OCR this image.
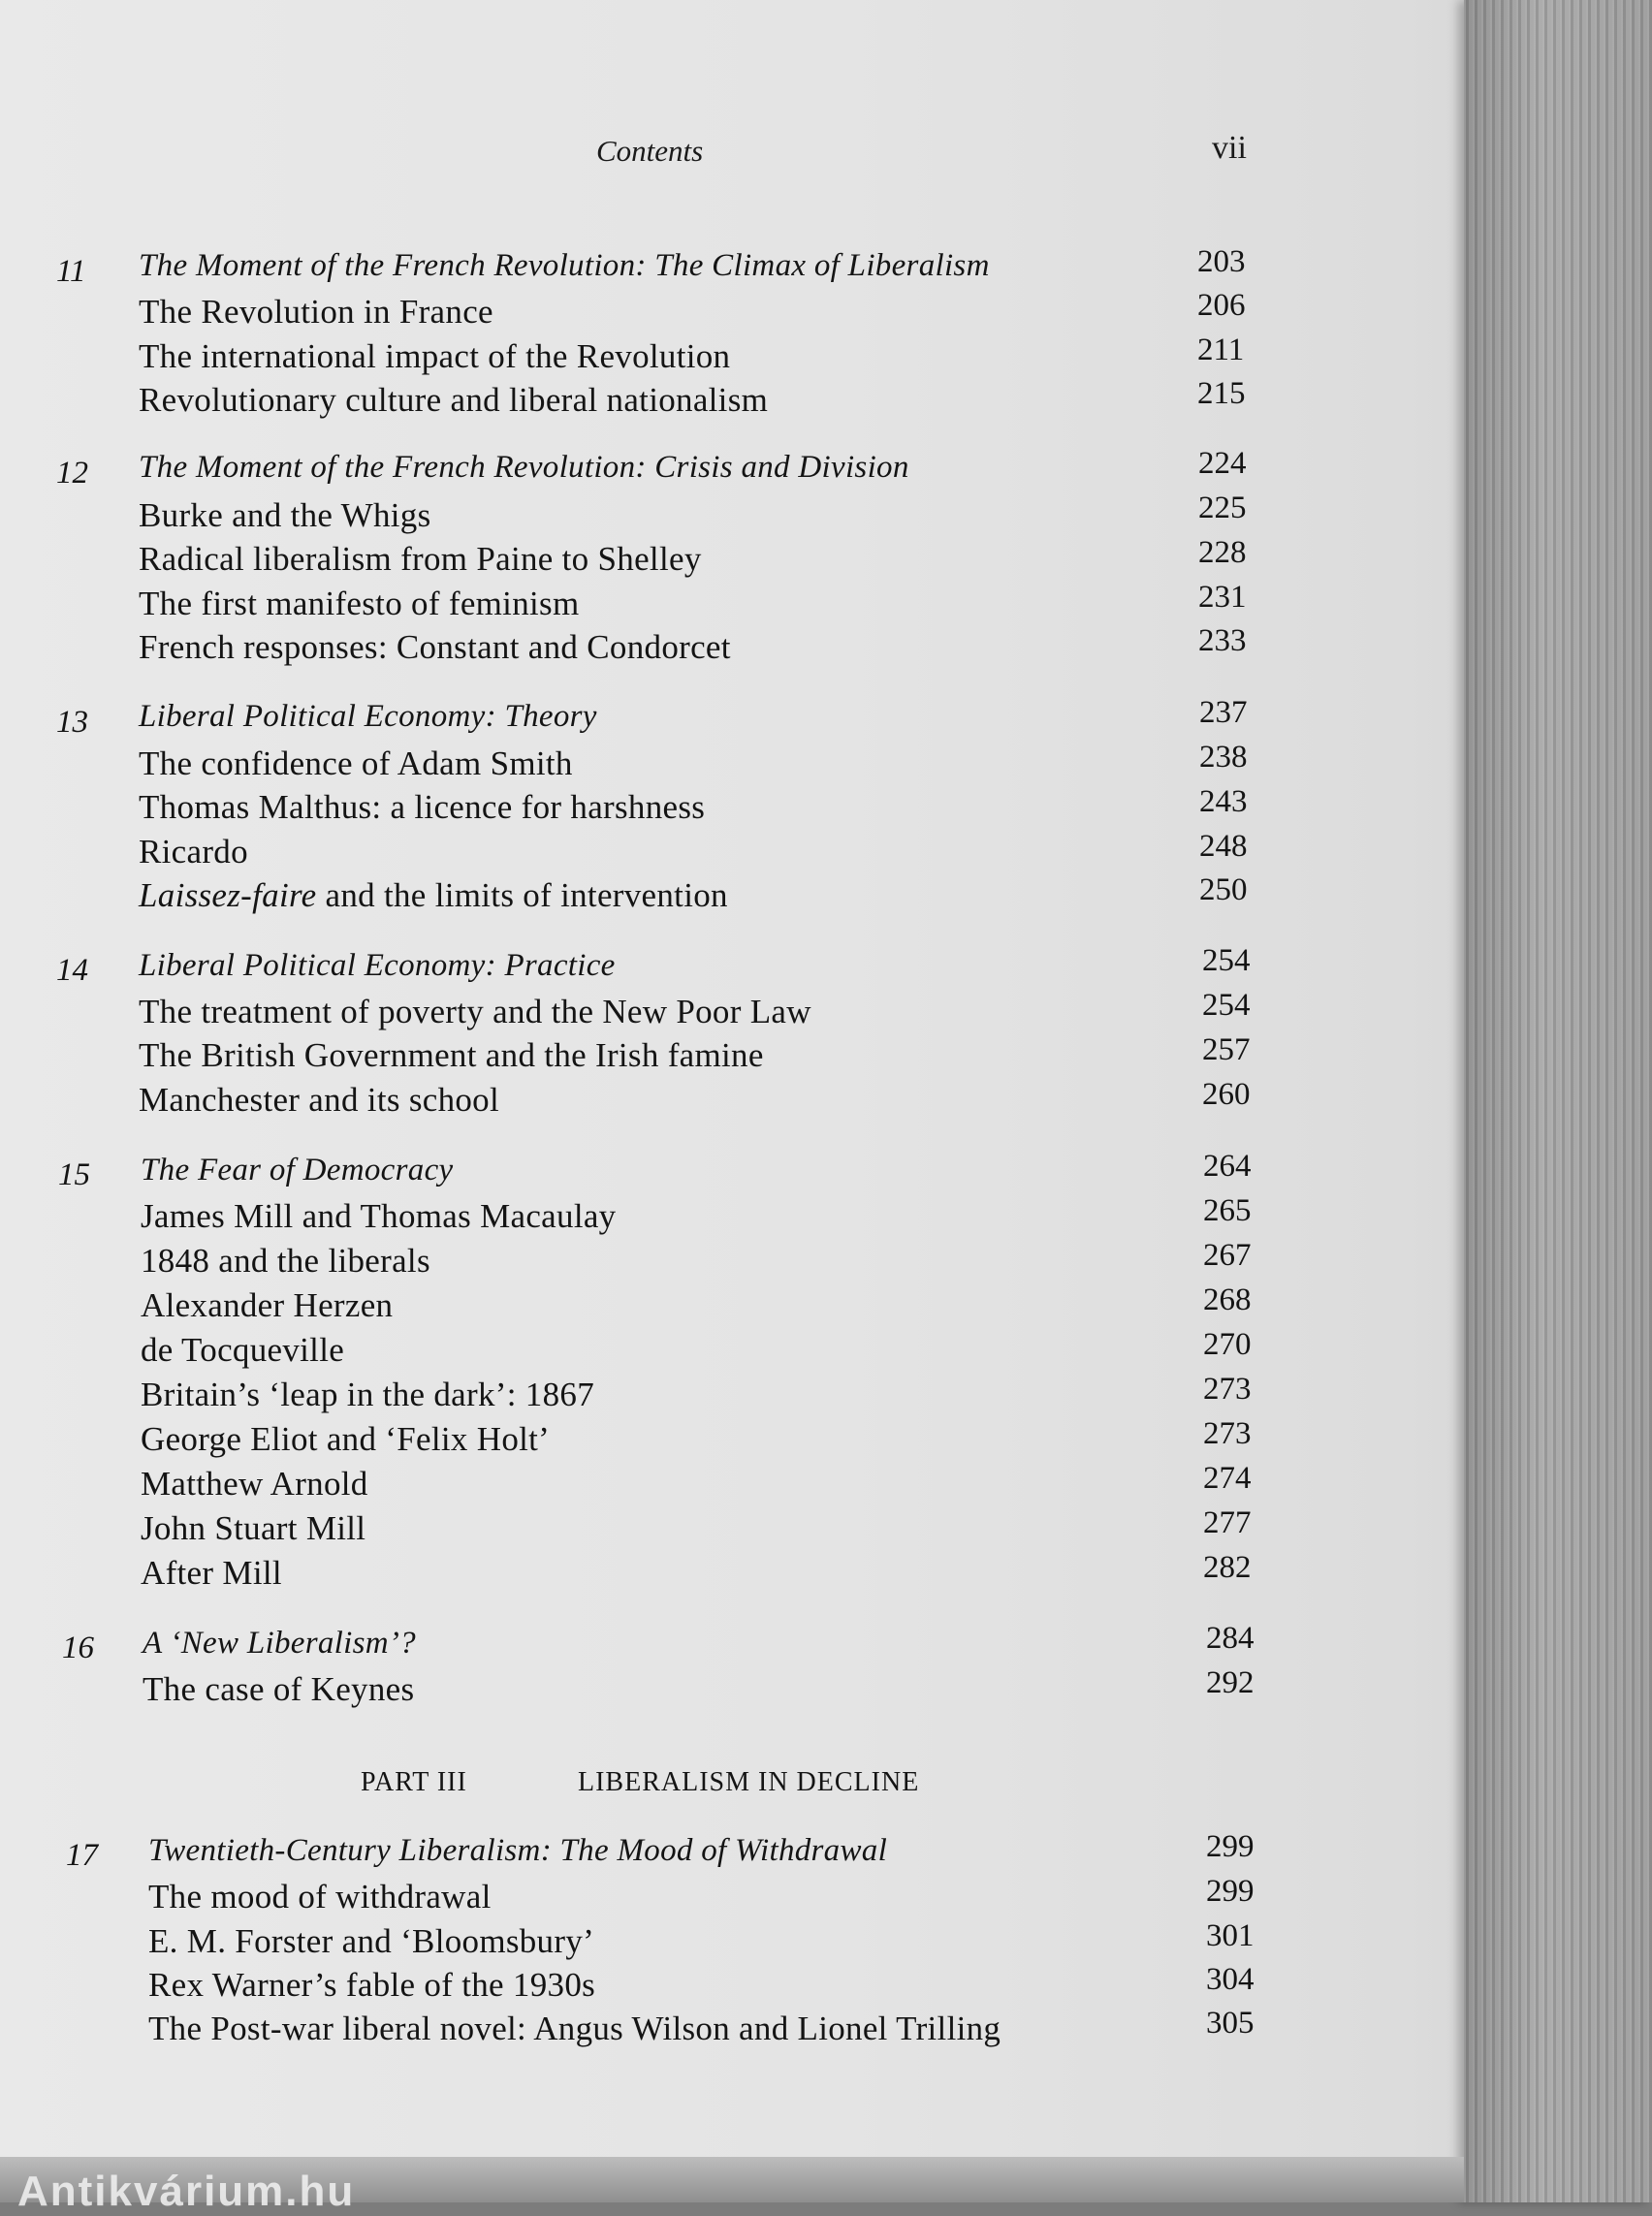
Contents	vii
11 The Moment of the French Revolution: The Climax of Liberalism	203
The Revolution in France	206
The international impact of the Revolution	211
Revolutionary culture and liberal nationalism	215
12 The Moment of the French Revolution: Crisis and Division	224
Burke and the Whigs	225
Radical liberalism from Paine to Shelley	228
The first manifesto of feminism	231
French responses: Constant and Condorcet	233
13 Liberal Political Economy: Theory	237
The confidence of Adam Smith	238
Thomas Malthus: a licence for harshness	243
Ricardo	248
Laissez-faire and the limits of intervention	250
14 Liberal Political Economy: Practice	254
The treatment of poverty and the New Poor Law	254
The British Government and the Irish famine	257
Manchester and its school	260
15 The Fear of Democracy	264
James Mill and Thomas Macaulay	265
1848 and the liberals	267
Alexander Herzen	268
de Tocqueville	270
Britain’s ‘leap in the dark’: 1867	273
George Eliot and ‘Felix Holt’	273
Matthew Arnold	274
John Stuart Mill	277
After Mill	282
16 A ‘New Liberalism’?	284
The case of Keynes	292
PART III	LIBERALISM IN DECLINE
17 Twentieth-Century Liberalism: The Mood of Withdrawal	299
The mood of withdrawal	299
E. M. Forster and ‘Bloomsbury’	301
Rex Warner’s fable of the 1930s	304
The Post-war liberal novel: Angus Wilson and Lionel Trilling	305
Antikvárium.hu
